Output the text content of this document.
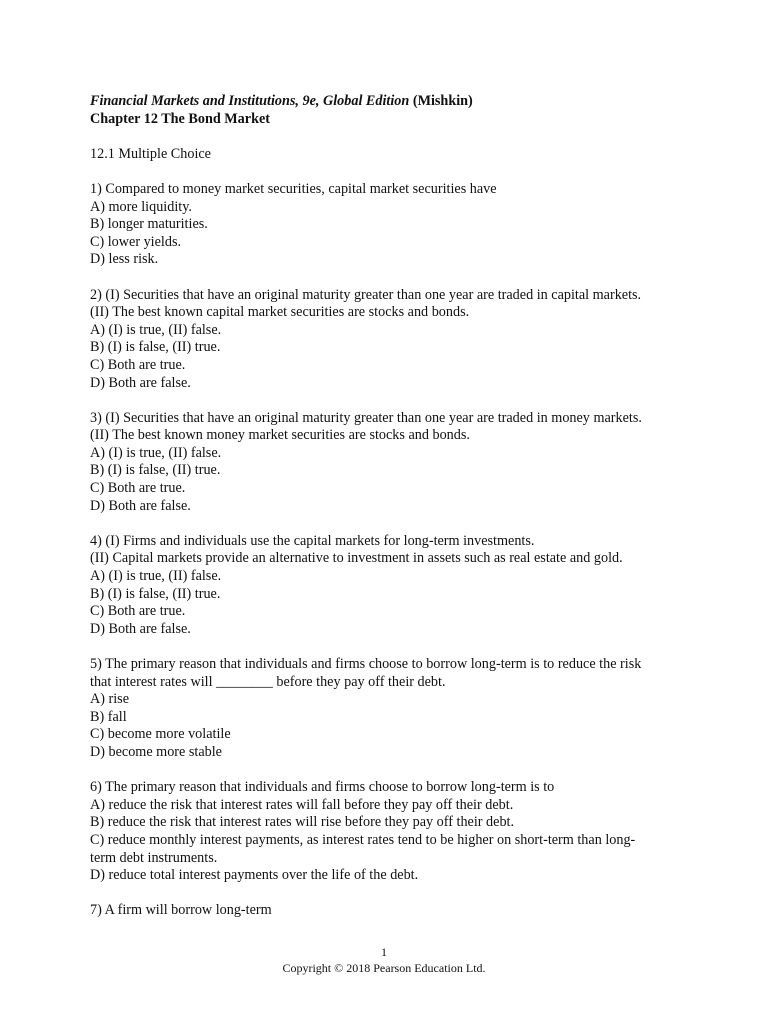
Financial Markets and Institutions, 9e, Global Edition (Mishkin)
Chapter 12 The Bond Market
12.1 Multiple Choice
1) Compared to money market securities, capital market securities have
A) more liquidity.
B) longer maturities.
C) lower yields.
D) less risk.
2) (I) Securities that have an original maturity greater than one year are traded in capital markets.
(II) The best known capital market securities are stocks and bonds.
A) (I) is true, (II) false.
B) (I) is false, (II) true.
C) Both are true.
D) Both are false.
3) (I) Securities that have an original maturity greater than one year are traded in money markets.
(II) The best known money market securities are stocks and bonds.
A) (I) is true, (II) false.
B) (I) is false, (II) true.
C) Both are true.
D) Both are false.
4) (I) Firms and individuals use the capital markets for long-term investments.
(II) Capital markets provide an alternative to investment in assets such as real estate and gold.
A) (I) is true, (II) false.
B) (I) is false, (II) true.
C) Both are true.
D) Both are false.
5) The primary reason that individuals and firms choose to borrow long-term is to reduce the risk
that interest rates will ________ before they pay off their debt.
A) rise
B) fall
C) become more volatile
D) become more stable
6) The primary reason that individuals and firms choose to borrow long-term is to
A) reduce the risk that interest rates will fall before they pay off their debt.
B) reduce the risk that interest rates will rise before they pay off their debt.
C) reduce monthly interest payments, as interest rates tend to be higher on short-term than long-
term debt instruments.
D) reduce total interest payments over the life of the debt.
7) A firm will borrow long-term
1
Copyright © 2018 Pearson Education Ltd.
